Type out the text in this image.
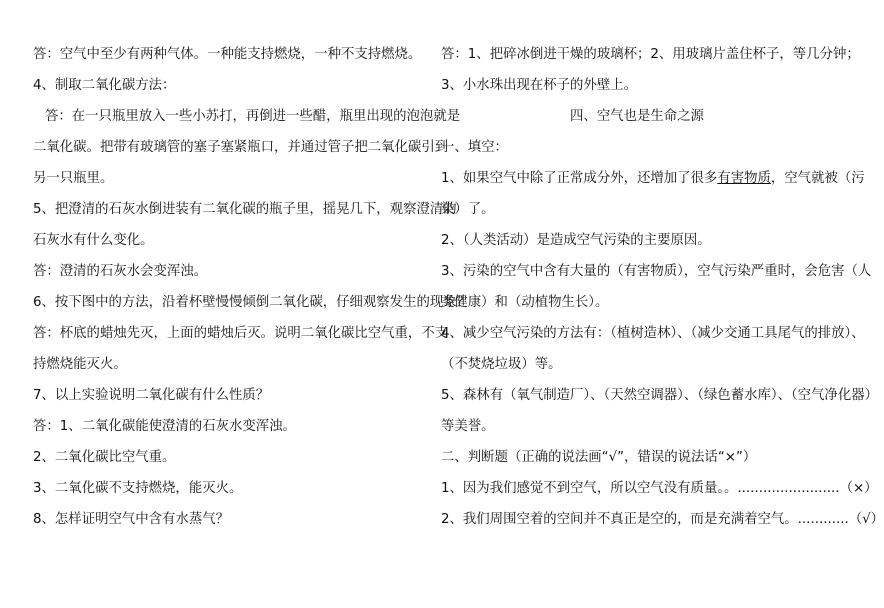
答：空气中至少有两种气体。一种能支持燃烧，一种不支持燃烧。
4、制取二氧化碳方法：
答：在一只瓶里放入一些小苏打，再倒进一些醋，瓶里出现的泡泡就是
二氧化碳。把带有玻璃管的塞子塞紧瓶口，并通过管子把二氧化碳引到
另一只瓶里。
5、把澄清的石灰水倒进装有二氧化碳的瓶子里，摇晃几下，观察澄清的
石灰水有什么变化。
答：澄清的石灰水会变浑浊。
6、按下图中的方法，沿着杯壁慢慢倾倒二氧化碳，仔细观察发生的现象？
答：杯底的蜡烛先灭，上面的蜡烛后灭。说明二氧化碳比空气重，不支
持燃烧能灭火。
7、以上实验说明二氧化碳有什么性质？
答：1、二氧化碳能使澄清的石灰水变浑浊。
2、二氧化碳比空气重。
3、二氧化碳不支持燃烧，能灭火。
8、怎样证明空气中含有水蒸气？
答：1、把碎冰倒进干燥的玻璃杯；2、用玻璃片盖住杯子，等几分钟；
3、小水珠出现在杯子的外壁上。
四、空气也是生命之源
一、填空：
1、如果空气中除了正常成分外，还增加了很多有害物质，空气就被（污
染）了。
2、（人类活动）是造成空气污染的主要原因。
3、污染的空气中含有大量的（有害物质），空气污染严重时，会危害（人
类健康）和（动植物生长）。
4、减少空气污染的方法有：（植树造林）、（减少交通工具尾气的排放）、
（不焚烧垃圾）等。
5、森林有（氧气制造厂）、（天然空调器）、（绿色蓄水库）、（空气净化器）
等美誉。
二、判断题（正确的说法画“√”，错误的说法话“×”）
1、因为我们感觉不到空气，所以空气没有质量。。........................（×）
2、我们周围空着的空间并不真正是空的，而是充满着空气。............（√）
